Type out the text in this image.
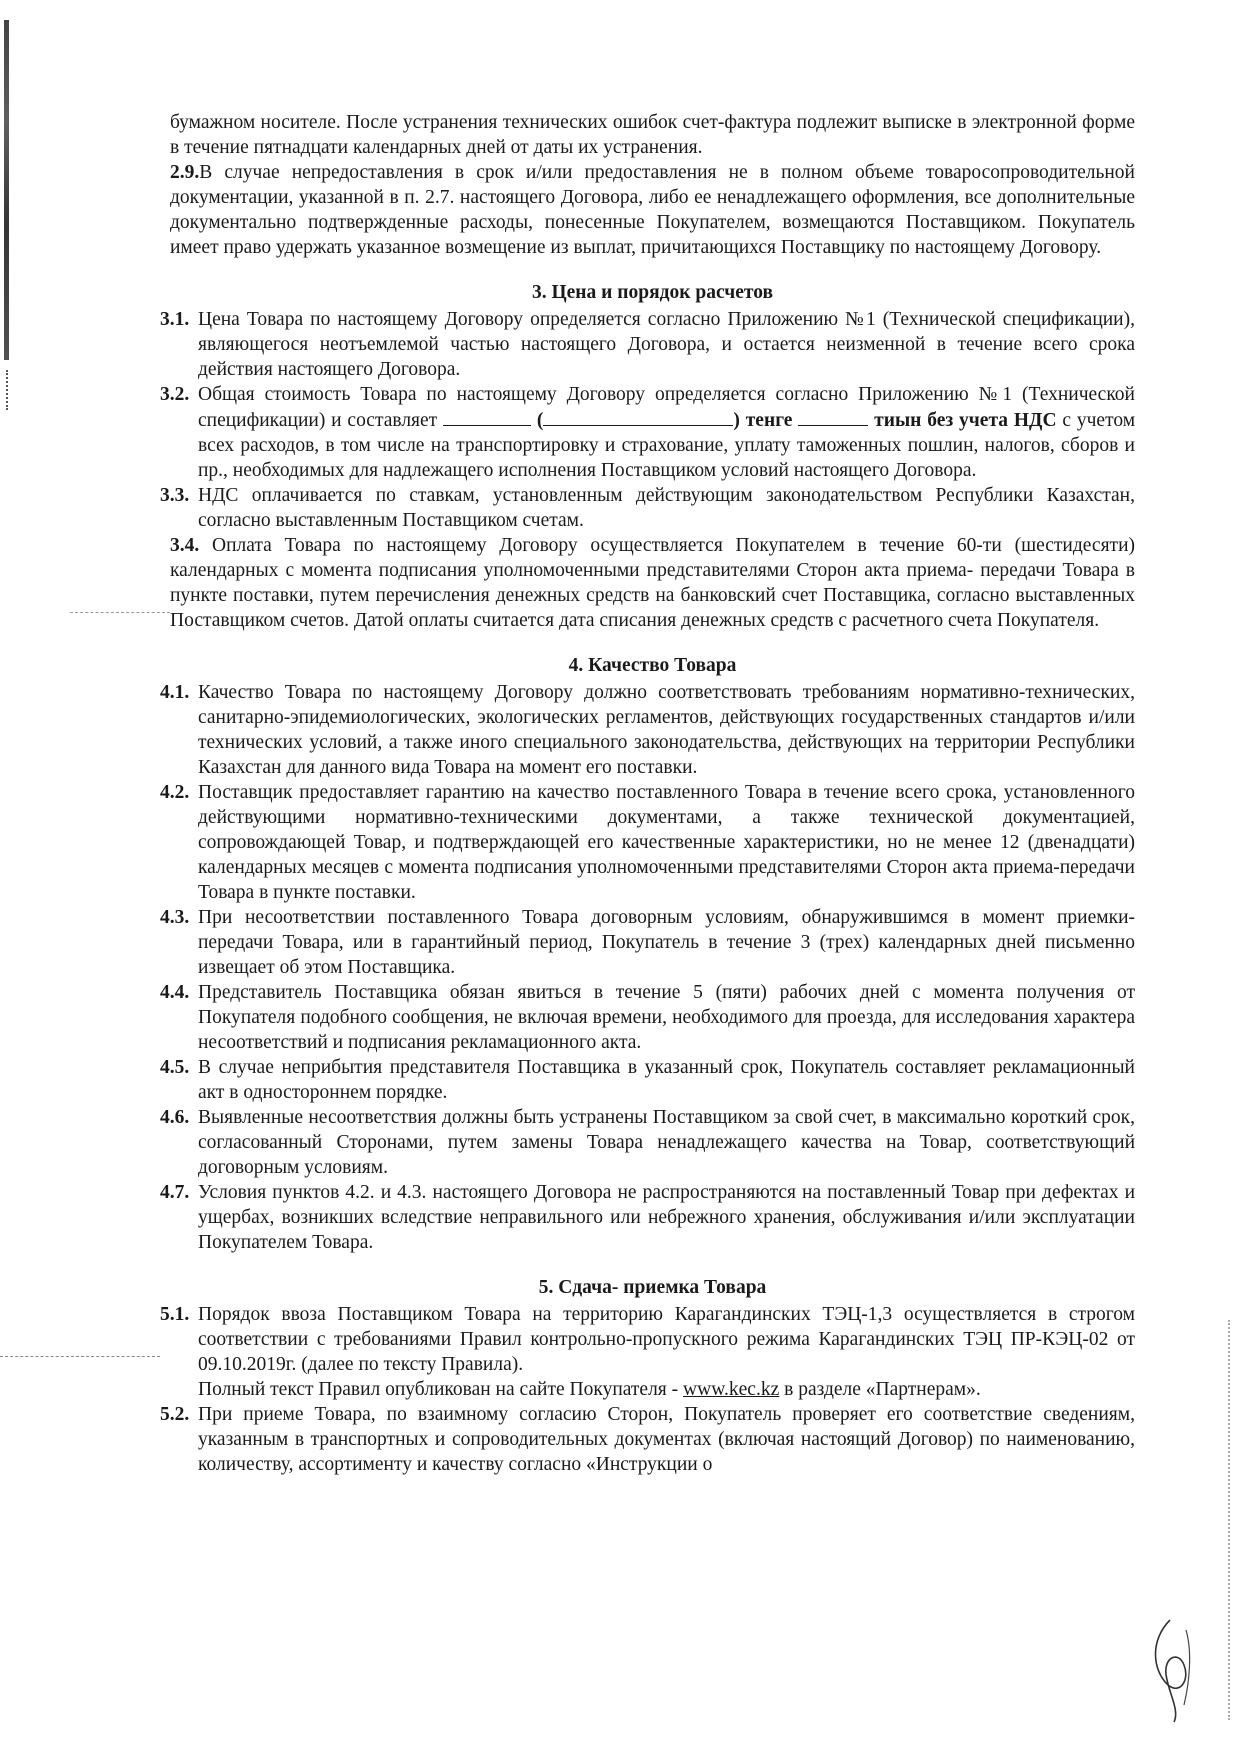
бумажном носителе. После устранения технических ошибок счет-фактура подлежит выписке в электронной форме в течение пятнадцати календарных дней от даты их устранения.

2.9.В случае непредоставления в срок и/или предоставления не в полном объеме товаросопроводительной документации, указанной в п. 2.7. настоящего Договора, либо ее ненадлежащего оформления, все дополнительные документально подтвержденные расходы, понесенные Покупателем, возмещаются Поставщиком. Покупатель имеет право удержать указанное возмещение из выплат, причитающихся Поставщику по настоящему Договору.

3. Цена и порядок расчетов
3.1. Цена Товара по настоящему Договору определяется согласно Приложению №1 (Технической спецификации), являющегося неотъемлемой частью настоящего Договора, и остается неизменной в течение всего срока действия настоящего Договора.
3.2. Общая стоимость Товара по настоящему Договору определяется согласно Приложению №1 (Технической спецификации) и составляет	(	) тенге	тиын без учета НДС с учетом всех расходов, в том числе на транспортировку и страхование, уплату таможенных пошлин, налогов, сборов и пр., необходимых для надлежащего исполнения Поставщиком условий настоящего Договора.
3.3. НДС оплачивается по ставкам, установленным действующим законодательством Республики Казахстан, согласно выставленным Поставщиком счетам.

3.4. Оплата Товара по настоящему Договору осуществляется Покупателем в течение 60-ти (шестидесяти) календарных с момента подписания уполномоченными представителями Сторон акта приема- передачи Товара в пункте поставки, путем перечисления денежных средств на банковский счет Поставщика, согласно выставленных Поставщиком счетов. Датой оплаты считается дата списания денежных средств с расчетного счета Покупателя.

4. Качество Товара
4.1. Качество Товара по настоящему Договору должно соответствовать требованиям нормативно-технических, санитарно-эпидемиологических, экологических регламентов, действующих государственных стандартов и/или технических условий, а также иного специального законодательства, действующих на территории Республики Казахстан для данного вида Товара на момент его поставки.
4.2. Поставщик предоставляет гарантию на качество поставленного Товара в течение всего срока, установленного действующими нормативно-техническими документами, а также технической документацией, сопровождающей Товар, и подтверждающей его качественные характеристики, но не менее 12 (двенадцати) календарных месяцев с момента подписания уполномоченными представителями Сторон акта приема-передачи Товара в пункте поставки.
4.3. При несоответствии поставленного Товара договорным условиям, обнаружившимся в момент приемки-передачи Товара, или в гарантийный период, Покупатель в течение 3 (трех) календарных дней письменно извещает об этом Поставщика.
4.4. Представитель Поставщика обязан явиться в течение 5 (пяти) рабочих дней с момента получения от Покупателя подобного сообщения, не включая времени, необходимого для проезда, для исследования характера несоответствий и подписания рекламационного акта.
4.5. В случае неприбытия представителя Поставщика в указанный срок, Покупатель составляет рекламационный акт в одностороннем порядке.
4.6. Выявленные несоответствия должны быть устранены Поставщиком за свой счет, в максимально короткий срок, согласованный Сторонами, путем замены Товара ненадлежащего качества на Товар, соответствующий договорным условиям.
4.7. Условия пунктов 4.2. и 4.3. настоящего Договора не распространяются на поставленный Товар при дефектах и ущербах, возникших вследствие неправильного или небрежного хранения, обслуживания и/или эксплуатации Покупателем Товара.
5. Сдача- приемка Товара
5.1. Порядок ввоза Поставщиком Товара на территорию Карагандинских ТЭЦ-1,3 осуществляется в строгом соответствии с требованиями Правил контрольно-пропускного режима Карагандинских ТЭЦ ПР-КЭЦ-02 от 09.10.2019г. (далее по тексту Правила).
Полный текст Правил опубликован на сайте Покупателя - www.kec.kz в разделе «Партнерам».
5.2. При приеме Товара, по взаимному согласию Сторон, Покупатель проверяет его соответствие сведениям, указанным в транспортных и сопроводительных документах (включая настоящий Договор) по наименованию, количеству, ассортименту и качеству согласно «Инструкции о
